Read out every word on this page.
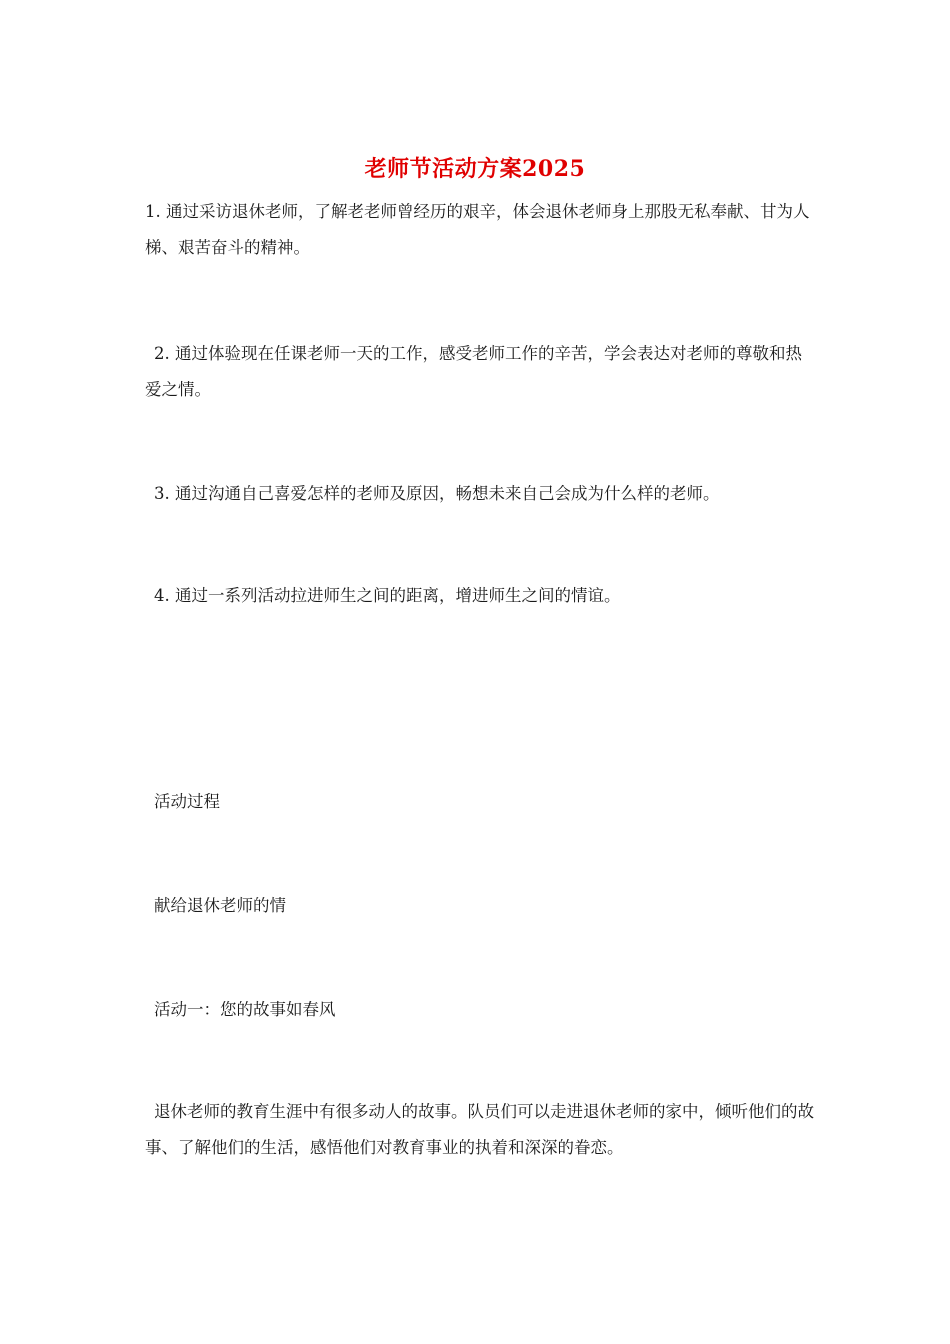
老师节活动方案2025
1. 通过采访退休老师，了解老老师曾经历的艰辛，体会退休老师身上那股无私奉献、甘为人梯、艰苦奋斗的精神。
2. 通过体验现在任课老师一天的工作，感受老师工作的辛苦，学会表达对老师的尊敬和热爱之情。
3. 通过沟通自己喜爱怎样的老师及原因，畅想未来自己会成为什么样的老师。
4. 通过一系列活动拉进师生之间的距离，增进师生之间的情谊。
活动过程
献给退休老师的情
活动一：您的故事如春风
退休老师的教育生涯中有很多动人的故事。队员们可以走进退休老师的家中，倾听他们的故事、了解他们的生活，感悟他们对教育事业的执着和深深的眷恋。
